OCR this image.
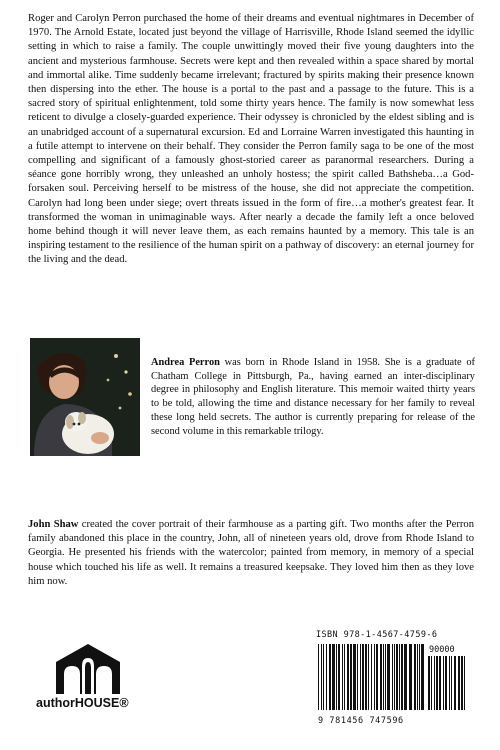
Roger and Carolyn Perron purchased the home of their dreams and eventual nightmares in December of 1970. The Arnold Estate, located just beyond the village of Harrisville, Rhode Island seemed the idyllic setting in which to raise a family. The couple unwittingly moved their five young daughters into the ancient and mysterious farmhouse. Secrets were kept and then revealed within a space shared by mortal and immortal alike. Time suddenly became irrelevant; fractured by spirits making their presence known then dispersing into the ether. The house is a portal to the past and a passage to the future. This is a sacred story of spiritual enlightenment, told some thirty years hence. The family is now somewhat less reticent to divulge a closely-guarded experience. Their odyssey is chronicled by the eldest sibling and is an unabridged account of a supernatural excursion. Ed and Lorraine Warren investigated this haunting in a futile attempt to intervene on their behalf. They consider the Perron family saga to be one of the most compelling and significant of a famously ghost-storied career as paranormal researchers. During a séance gone horribly wrong, they unleashed an unholy hostess; the spirit called Bathsheba…a God-forsaken soul. Perceiving herself to be mistress of the house, she did not appreciate the competition. Carolyn had long been under siege; overt threats issued in the form of fire…a mother's greatest fear. It transformed the woman in unimaginable ways. After nearly a decade the family left a once beloved home behind though it will never leave them, as each remains haunted by a memory. This tale is an inspiring testament to the resilience of the human spirit on a pathway of discovery: an eternal journey for the living and the dead.

Andrea Perron was born in Rhode Island in 1958. She is a graduate of Chatham College in Pittsburgh, Pa., having earned an inter-disciplinary degree in philosophy and English literature. This memoir waited thirty years to be told, allowing the time and distance necessary for her family to reveal these long held secrets. The author is currently preparing for release of the second volume in this remarkable trilogy.

John Shaw created the cover portrait of their farmhouse as a parting gift. Two months after the Perron family abandoned this place in the country, John, all of nineteen years old, drove from Rhode Island to Georgia. He presented his friends with the watercolor; painted from memory, in memory of a special house which touched his life as well. It remains a treasured keepsake. They loved him then as they love him now.

authorHOUSE®
ISBN 978-1-4567-4759-6
90000
9 781456 747596
